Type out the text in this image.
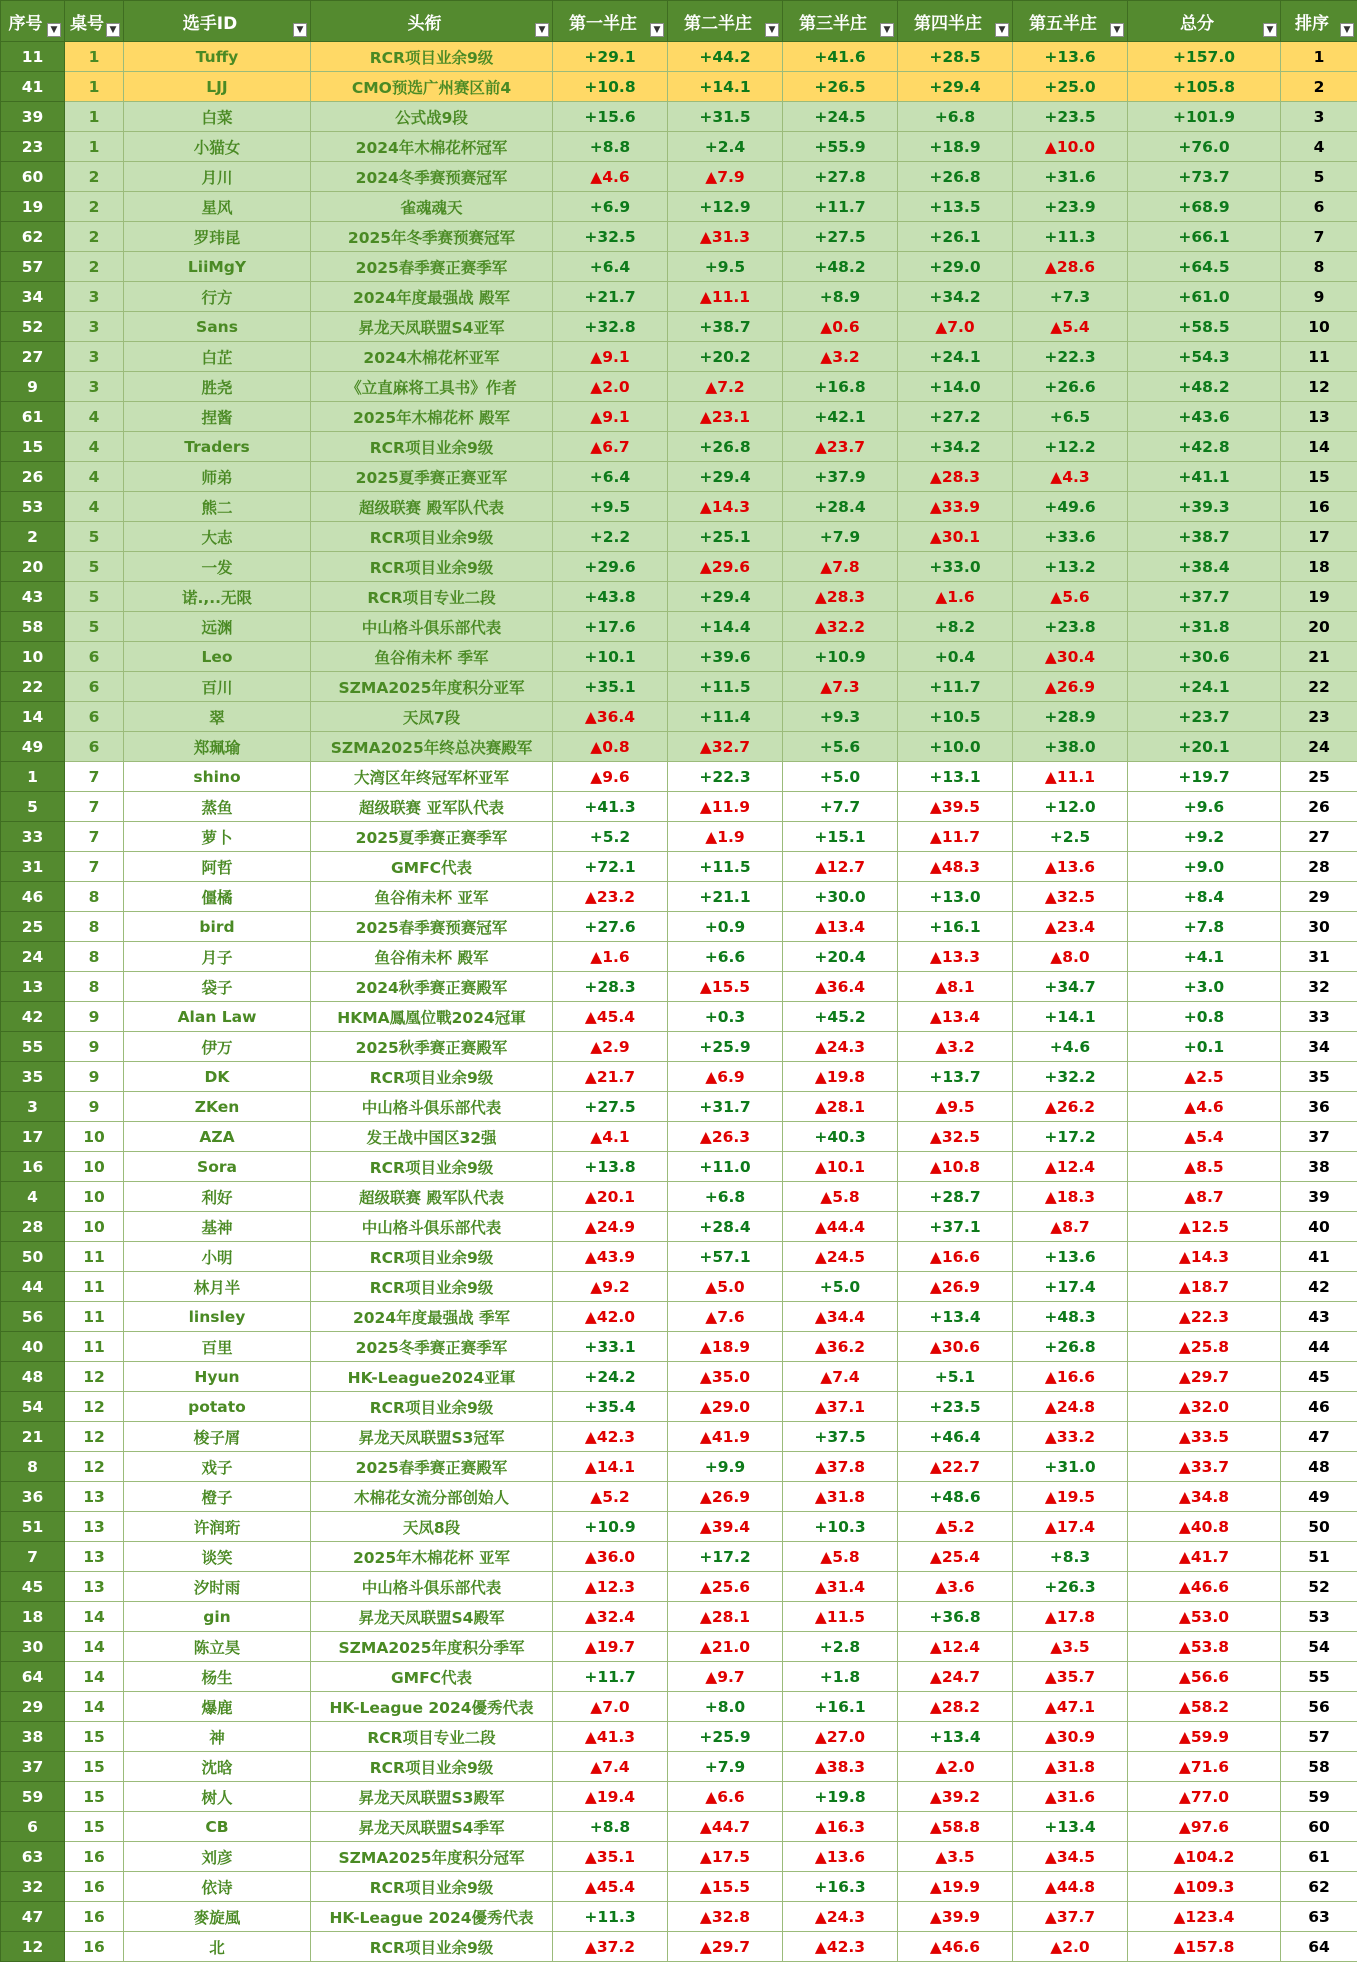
序号 ▼	桌号 ▼	选手ID ▼	头衔 ▼	第一半庄 ▼	第二半庄 ▼	第三半庄 ▼	第四半庄 ▼	第五半庄 ▼	总分 ▼	排序 ▼

11	1	Tuffy	RCR项目业余9级	+29.1	+44.2	+41.6	+28.5	+13.6	+157.0	1
41	1	LJJ	CMO预选广州赛区前4	+10.8	+14.1	+26.5	+29.4	+25.0	+105.8	2
39	1	白菜	公式战9段	+15.6	+31.5	+24.5	+6.8	+23.5	+101.9	3
23	1	小猫女	2024年木棉花杯冠军	+8.8	+2.4	+55.9	+18.9	▲10.0	+76.0	4
60	2	月川	2024冬季赛预赛冠军	▲4.6	▲7.9	+27.8	+26.8	+31.6	+73.7	5
19	2	星风	雀魂魂天	+6.9	+12.9	+11.7	+13.5	+23.9	+68.9	6
62	2	罗玮昆	2025年冬季赛预赛冠军	+32.5	▲31.3	+27.5	+26.1	+11.3	+66.1	7
57	2	LiiMgY	2025春季赛正赛季军	+6.4	+9.5	+48.2	+29.0	▲28.6	+64.5	8
34	3	行方	2024年度最强战 殿军	+21.7	▲11.1	+8.9	+34.2	+7.3	+61.0	9
52	3	Sans	昇龙天凤联盟S4亚军	+32.8	+38.7	▲0.6	▲7.0	▲5.4	+58.5	10
27	3	白芷	2024木棉花杯亚军	▲9.1	+20.2	▲3.2	+24.1	+22.3	+54.3	11
9	3	胜尧	《立直麻将工具书》作者	▲2.0	▲7.2	+16.8	+14.0	+26.6	+48.2	12
61	4	捏酱	2025年木棉花杯 殿军	▲9.1	▲23.1	+42.1	+27.2	+6.5	+43.6	13
15	4	Traders	RCR项目业余9级	▲6.7	+26.8	▲23.7	+34.2	+12.2	+42.8	14
26	4	师弟	2025夏季赛正赛亚军	+6.4	+29.4	+37.9	▲28.3	▲4.3	+41.1	15
53	4	熊二	超级联赛 殿军队代表	+9.5	▲14.3	+28.4	▲33.9	+49.6	+39.3	16
2	5	大志	RCR项目业余9级	+2.2	+25.1	+7.9	▲30.1	+33.6	+38.7	17
20	5	一发	RCR项目业余9级	+29.6	▲29.6	▲7.8	+33.0	+13.2	+38.4	18
43	5	诺.,..无限	RCR项目专业二段	+43.8	+29.4	▲28.3	▲1.6	▲5.6	+37.7	19
58	5	远渊	中山格斗俱乐部代表	+17.6	+14.4	▲32.2	+8.2	+23.8	+31.8	20
10	6	Leo	鱼谷侑未杯 季军	+10.1	+39.6	+10.9	+0.4	▲30.4	+30.6	21
22	6	百川	SZMA2025年度积分亚军	+35.1	+11.5	▲7.3	+11.7	▲26.9	+24.1	22
14	6	翠	天凤7段	▲36.4	+11.4	+9.3	+10.5	+28.9	+23.7	23
49	6	郑珮瑜	SZMA2025年终总决赛殿军	▲0.8	▲32.7	+5.6	+10.0	+38.0	+20.1	24
1	7	shino	大湾区年终冠军杯亚军	▲9.6	+22.3	+5.0	+13.1	▲11.1	+19.7	25
5	7	蒸鱼	超级联赛 亚军队代表	+41.3	▲11.9	+7.7	▲39.5	+12.0	+9.6	26
33	7	萝卜	2025夏季赛正赛季军	+5.2	▲1.9	+15.1	▲11.7	+2.5	+9.2	27
31	7	阿哲	GMFC代表	+72.1	+11.5	▲12.7	▲48.3	▲13.6	+9.0	28
46	8	僵橘	鱼谷侑未杯 亚军	▲23.2	+21.1	+30.0	+13.0	▲32.5	+8.4	29
25	8	bird	2025春季赛预赛冠军	+27.6	+0.9	▲13.4	+16.1	▲23.4	+7.8	30
24	8	月子	鱼谷侑未杯 殿军	▲1.6	+6.6	+20.4	▲13.3	▲8.0	+4.1	31
13	8	袋子	2024秋季赛正赛殿军	+28.3	▲15.5	▲36.4	▲8.1	+34.7	+3.0	32
42	9	Alan Law	HKMA鳳凰位戰2024冠軍	▲45.4	+0.3	+45.2	▲13.4	+14.1	+0.8	33
55	9	伊万	2025秋季赛正赛殿军	▲2.9	+25.9	▲24.3	▲3.2	+4.6	+0.1	34
35	9	DK	RCR项目业余9级	▲21.7	▲6.9	▲19.8	+13.7	+32.2	▲2.5	35
3	9	ZKen	中山格斗俱乐部代表	+27.5	+31.7	▲28.1	▲9.5	▲26.2	▲4.6	36
17	10	AZA	发王战中国区32强	▲4.1	▲26.3	+40.3	▲32.5	+17.2	▲5.4	37
16	10	Sora	RCR项目业余9级	+13.8	+11.0	▲10.1	▲10.8	▲12.4	▲8.5	38
4	10	利好	超级联赛 殿军队代表	▲20.1	+6.8	▲5.8	+28.7	▲18.3	▲8.7	39
28	10	基神	中山格斗俱乐部代表	▲24.9	+28.4	▲44.4	+37.1	▲8.7	▲12.5	40
50	11	小明	RCR项目业余9级	▲43.9	+57.1	▲24.5	▲16.6	+13.6	▲14.3	41
44	11	林月半	RCR项目业余9级	▲9.2	▲5.0	+5.0	▲26.9	+17.4	▲18.7	42
56	11	linsley	2024年度最强战 季军	▲42.0	▲7.6	▲34.4	+13.4	+48.3	▲22.3	43
40	11	百里	2025冬季赛正赛季军	+33.1	▲18.9	▲36.2	▲30.6	+26.8	▲25.8	44
48	12	Hyun	HK-League2024亚軍	+24.2	▲35.0	▲7.4	+5.1	▲16.6	▲29.7	45
54	12	potato	RCR项目业余9级	+35.4	▲29.0	▲37.1	+23.5	▲24.8	▲32.0	46
21	12	梭子屑	昇龙天凤联盟S3冠军	▲42.3	▲41.9	+37.5	+46.4	▲33.2	▲33.5	47
8	12	戏子	2025春季赛正赛殿军	▲14.1	+9.9	▲37.8	▲22.7	+31.0	▲33.7	48
36	13	橙子	木棉花女流分部创始人	▲5.2	▲26.9	▲31.8	+48.6	▲19.5	▲34.8	49
51	13	许润珩	天凤8段	+10.9	▲39.4	+10.3	▲5.2	▲17.4	▲40.8	50
7	13	谈笑	2025年木棉花杯 亚军	▲36.0	+17.2	▲5.8	▲25.4	+8.3	▲41.7	51
45	13	汐时雨	中山格斗俱乐部代表	▲12.3	▲25.6	▲31.4	▲3.6	+26.3	▲46.6	52
18	14	gin	昇龙天凤联盟S4殿军	▲32.4	▲28.1	▲11.5	+36.8	▲17.8	▲53.0	53
30	14	陈立昊	SZMA2025年度积分季军	▲19.7	▲21.0	+2.8	▲12.4	▲3.5	▲53.8	54
64	14	杨生	GMFC代表	+11.7	▲9.7	+1.8	▲24.7	▲35.7	▲56.6	55
29	14	爆鹿	HK-League 2024優秀代表	▲7.0	+8.0	+16.1	▲28.2	▲47.1	▲58.2	56
38	15	神	RCR项目专业二段	▲41.3	+25.9	▲27.0	+13.4	▲30.9	▲59.9	57
37	15	沈晗	RCR项目业余9级	▲7.4	+7.9	▲38.3	▲2.0	▲31.8	▲71.6	58
59	15	树人	昇龙天凤联盟S3殿军	▲19.4	▲6.6	+19.8	▲39.2	▲31.6	▲77.0	59
6	15	CB	昇龙天凤联盟S4季军	+8.8	▲44.7	▲16.3	▲58.8	+13.4	▲97.6	60
63	16	刘彦	SZMA2025年度积分冠军	▲35.1	▲17.5	▲13.6	▲3.5	▲34.5	▲104.2	61
32	16	依诗	RCR项目业余9级	▲45.4	▲15.5	+16.3	▲19.9	▲44.8	▲109.3	62
47	16	麥旋風	HK-League 2024優秀代表	+11.3	▲32.8	▲24.3	▲39.9	▲37.7	▲123.4	63
12	16	北	RCR项目业余9级	▲37.2	▲29.7	▲42.3	▲46.6	▲2.0	▲157.8	64
